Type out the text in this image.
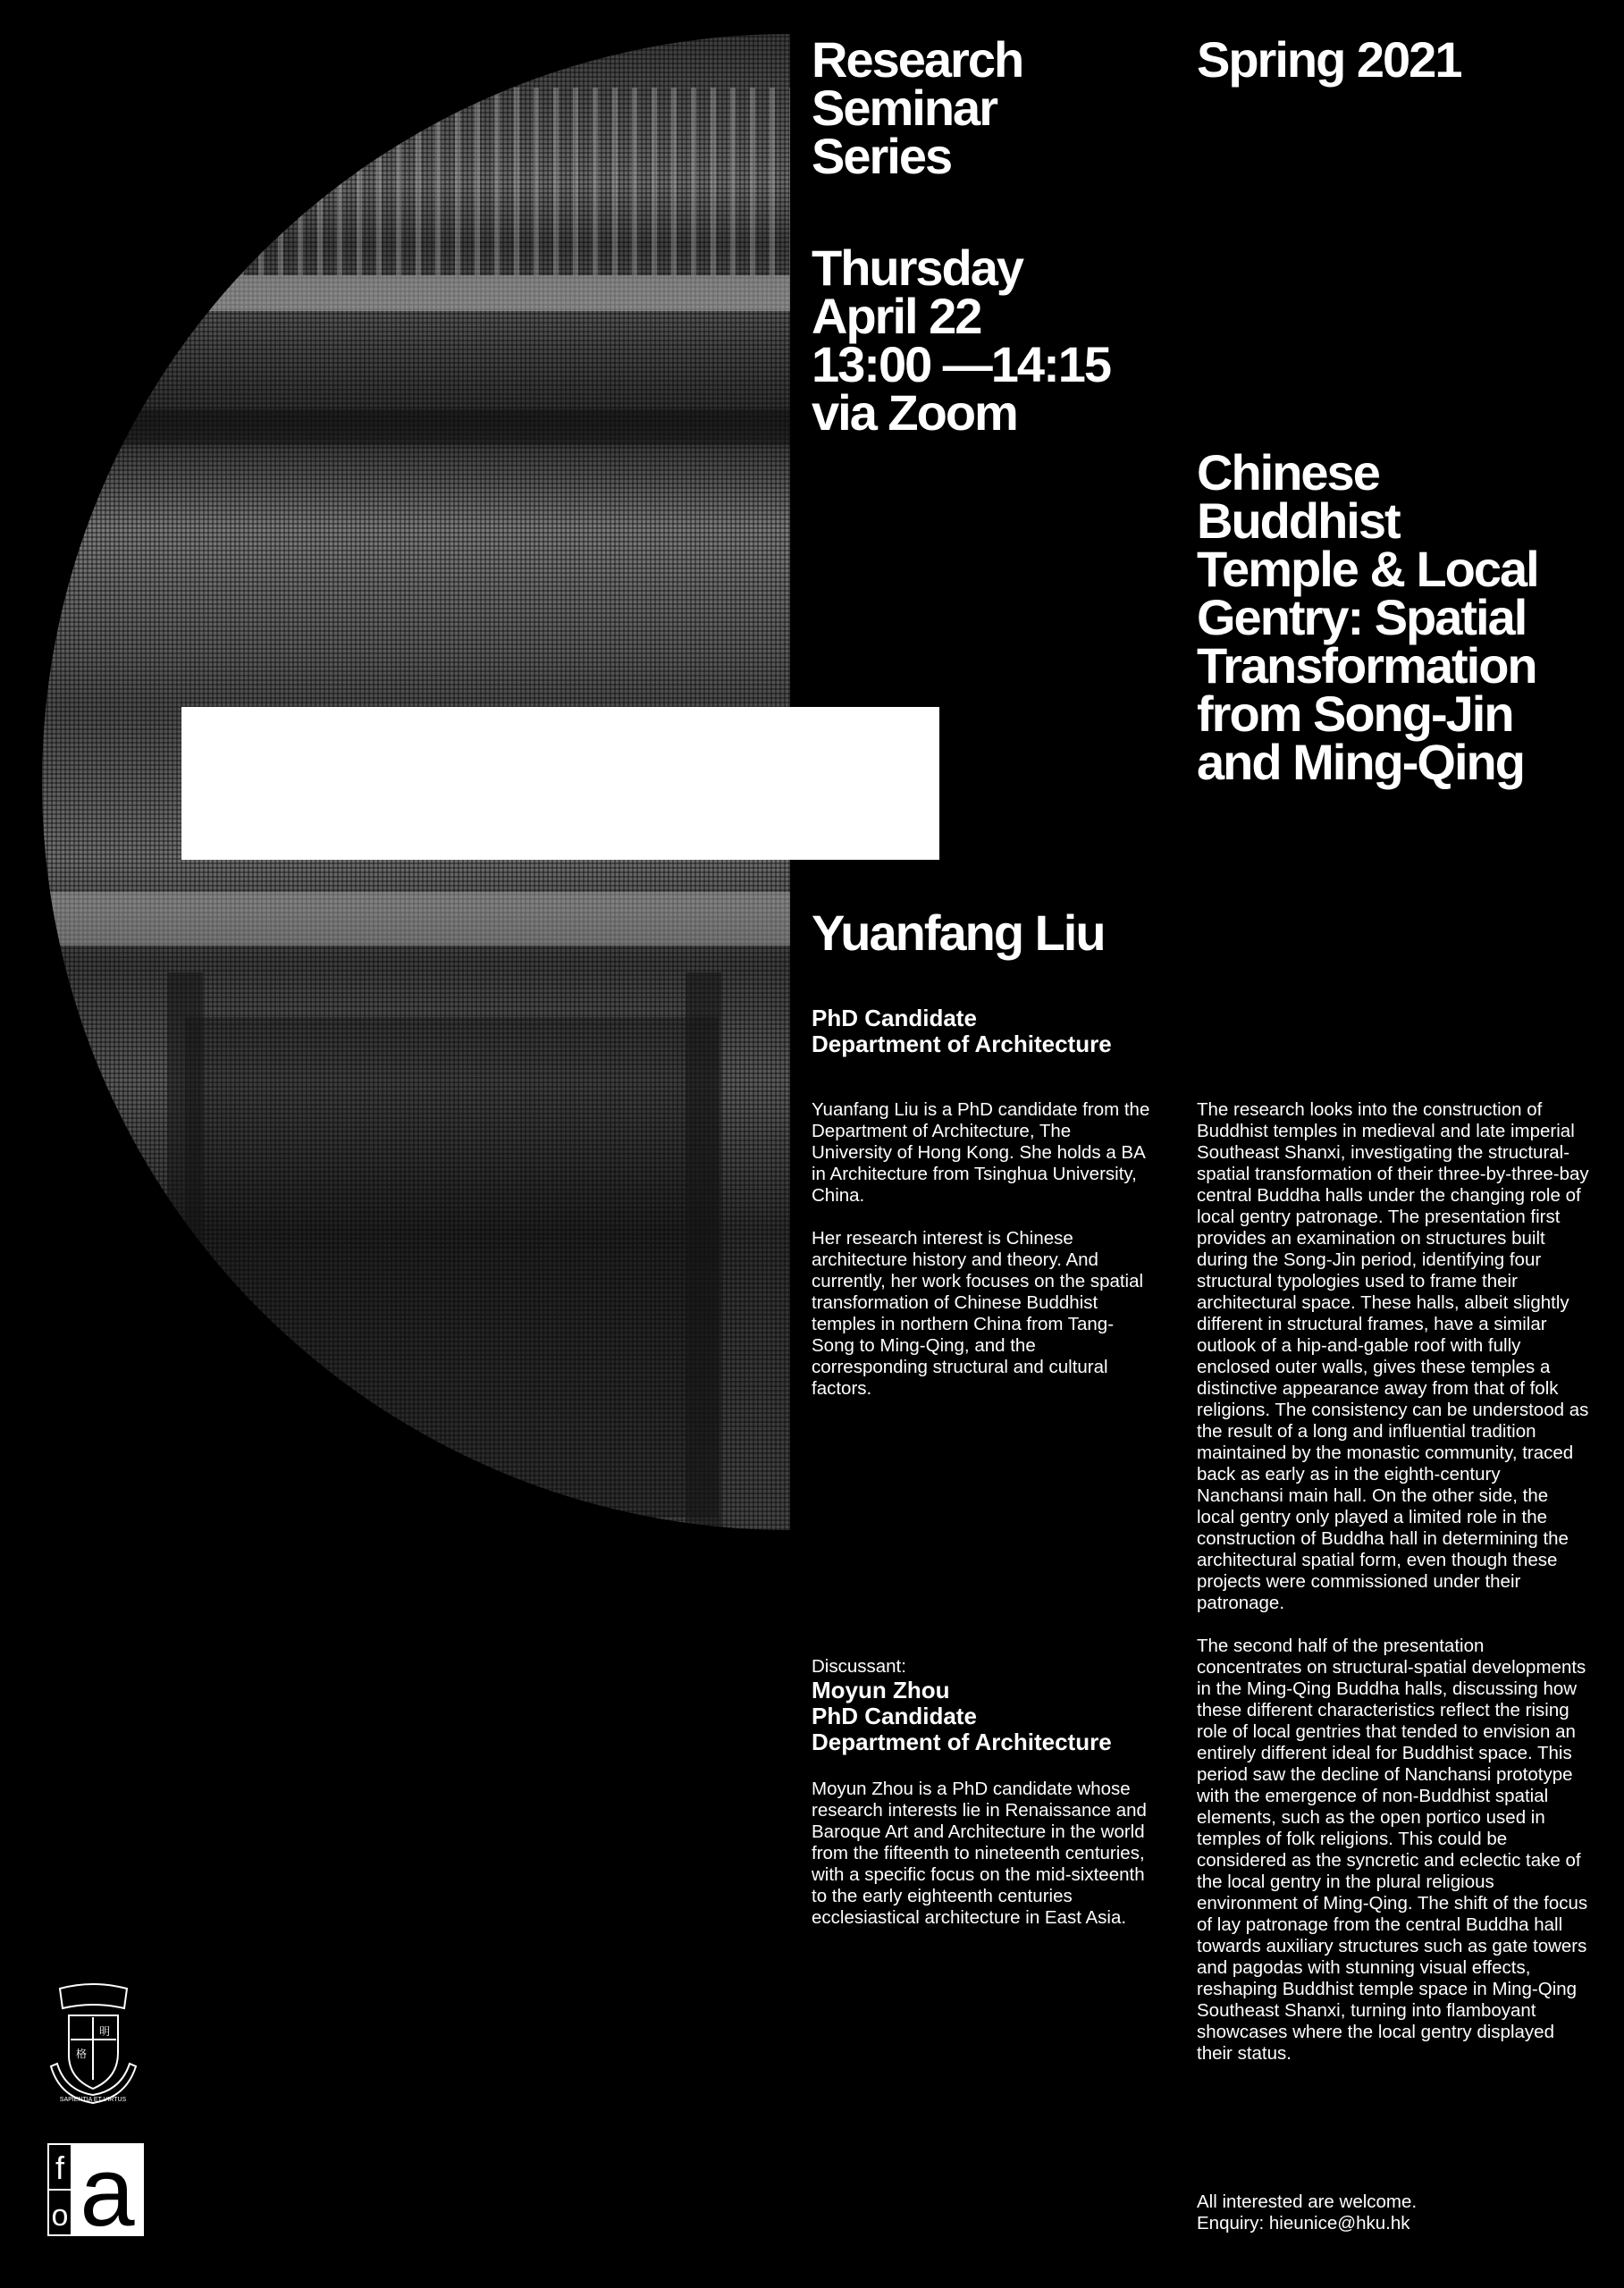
Research
Seminar
Series
Spring 2021
Thursday
April 22
13:00 —14:15
via Zoom
Chinese
Buddhist
Temple & Local
Gentry: Spatial
Transformation
from Song-Jin
and Ming-Qing
Yuanfang Liu
PhD Candidate
Department of Architecture

Yuanfang Liu is a PhD candidate from the Department of Architecture, The University of Hong Kong. She holds a BA in Architecture from Tsinghua University, China.

Her research interest is Chinese architecture history and theory. And currently, her work focuses on the spatial transformation of Chinese Buddhist temples in northern China from Tang-Song to Ming-Qing, and the corresponding structural and cultural factors.

Discussant:
Moyun Zhou
PhD Candidate
Department of Architecture
Moyun Zhou is a PhD candidate whose research interests lie in Renaissance and Baroque Art and Architecture in the world from the fifteenth to nineteenth centuries, with a specific focus on the mid-sixteenth to the early eighteenth centuries ecclesiastical architecture in East Asia.

The research looks into the construction of Buddhist temples in medieval and late imperial Southeast Shanxi, investigating the structural-spatial transformation of their three-by-three-bay central Buddha halls under the changing role of local gentry patronage. The presentation first provides an examination on structures built during the Song-Jin period, identifying four structural typologies used to frame their architectural space. These halls, albeit slightly different in structural frames, have a similar outlook of a hip-and-gable roof with fully enclosed outer walls, gives these temples a distinctive appearance away from that of folk religions. The consistency can be understood as the result of a long and influential tradition maintained by the monastic community, traced back as early as in the eighth-century Nanchansi main hall. On the other side, the local gentry only played a limited role in the construction of Buddha hall in determining the architectural spatial form, even though these projects were commissioned under their patronage.

The second half of the presentation concentrates on structural-spatial developments in the Ming-Qing Buddha halls, discussing how these different characteristics reflect the rising role of local gentries that tended to envision an entirely different ideal for Buddhist space. This period saw the decline of Nanchansi prototype with the emergence of non-Buddhist spatial elements, such as the open portico used in temples of folk religions. This could be considered as the syncretic and eclectic take of the local gentry in the plural religious environment of Ming-Qing. The shift of the focus of lay patronage from the central Buddha hall towards auxiliary structures such as gate towers and pagodas with stunning visual effects, reshaping Buddhist temple space in Ming-Qing Southeast Shanxi, turning into flamboyant showcases where the local gentry displayed their status.

All interested are welcome.
Enquiry: hieunice@hku.hk
格
明
SAPIENTIA ET VIRTUS
f
o a
